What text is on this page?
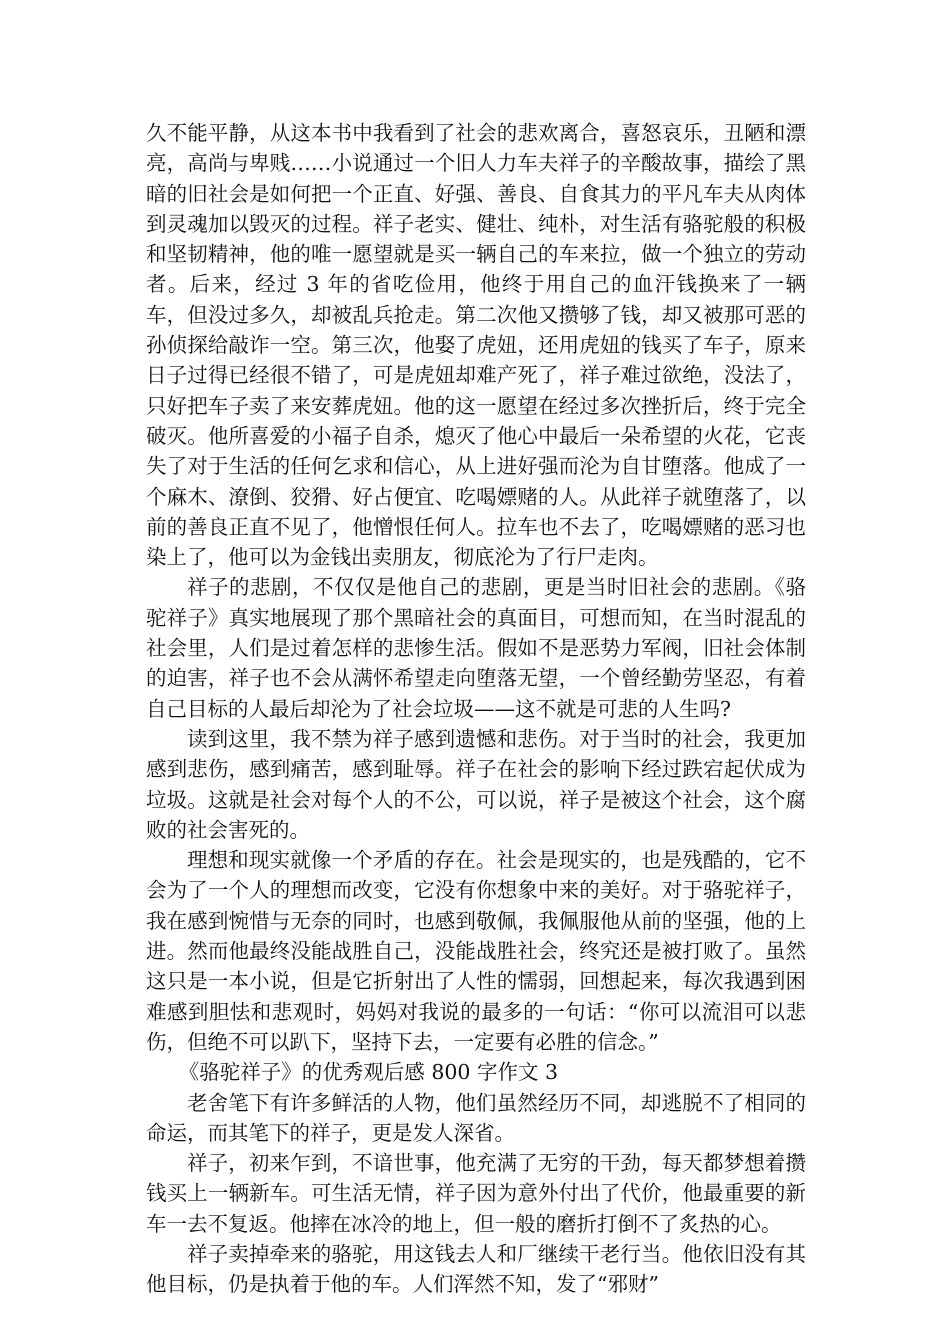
久不能平静，从这本书中我看到了社会的悲欢离合，喜怒哀乐，丑陋和漂亮，高尚与卑贱……小说通过一个旧人力车夫祥子的辛酸故事，描绘了黑暗的旧社会是如何把一个正直、好强、善良、自食其力的平凡车夫从肉体到灵魂加以毁灭的过程。祥子老实、健壮、纯朴，对生活有骆驼般的积极和坚韧精神，他的唯一愿望就是买一辆自己的车来拉，做一个独立的劳动者。后来，经过 3 年的省吃俭用，他终于用自己的血汗钱换来了一辆车，但没过多久，却被乱兵抢走。第二次他又攒够了钱，却又被那可恶的孙侦探给敲诈一空。第三次，他娶了虎妞，还用虎妞的钱买了车子，原来日子过得已经很不错了，可是虎妞却难产死了，祥子难过欲绝，没法了，只好把车子卖了来安葬虎妞。他的这一愿望在经过多次挫折后，终于完全破灭。他所喜爱的小福子自杀，熄灭了他心中最后一朵希望的火花，它丧失了对于生活的任何乞求和信心，从上进好强而沦为自甘堕落。他成了一个麻木、潦倒、狡猾、好占便宜、吃喝嫖赌的人。从此祥子就堕落了，以前的善良正直不见了，他憎恨任何人。拉车也不去了，吃喝嫖赌的恶习也染上了，他可以为金钱出卖朋友，彻底沦为了行尸走肉。

祥子的悲剧，不仅仅是他自己的悲剧，更是当时旧社会的悲剧。《骆驼祥子》真实地展现了那个黑暗社会的真面目，可想而知，在当时混乱的社会里，人们是过着怎样的悲惨生活。假如不是恶势力军阀，旧社会体制的迫害，祥子也不会从满怀希望走向堕落无望，一个曾经勤劳坚忍，有着自己目标的人最后却沦为了社会垃圾——这不就是可悲的人生吗?

读到这里，我不禁为祥子感到遗憾和悲伤。对于当时的社会，我更加感到悲伤，感到痛苦，感到耻辱。祥子在社会的影响下经过跌宕起伏成为垃圾。这就是社会对每个人的不公，可以说，祥子是被这个社会，这个腐败的社会害死的。

理想和现实就像一个矛盾的存在。社会是现实的，也是残酷的，它不会为了一个人的理想而改变，它没有你想象中来的美好。对于骆驼祥子，我在感到惋惜与无奈的同时，也感到敬佩，我佩服他从前的坚强，他的上进。然而他最终没能战胜自己，没能战胜社会，终究还是被打败了。虽然这只是一本小说，但是它折射出了人性的懦弱，回想起来，每次我遇到困难感到胆怯和悲观时，妈妈对我说的最多的一句话：“你可以流泪可以悲伤，但绝不可以趴下，坚持下去，一定要有必胜的信念。”

《骆驼祥子》的优秀观后感 800 字作文 3

老舍笔下有许多鲜活的人物，他们虽然经历不同，却逃脱不了相同的命运，而其笔下的祥子，更是发人深省。

祥子，初来乍到，不谙世事，他充满了无穷的干劲，每天都梦想着攒钱买上一辆新车。可生活无情，祥子因为意外付出了代价，他最重要的新车一去不复返。他摔在冰冷的地上，但一般的磨折打倒不了炙热的心。

祥子卖掉牵来的骆驼，用这钱去人和厂继续干老行当。他依旧没有其他目标，仍是执着于他的车。人们浑然不知，发了“邪财”
